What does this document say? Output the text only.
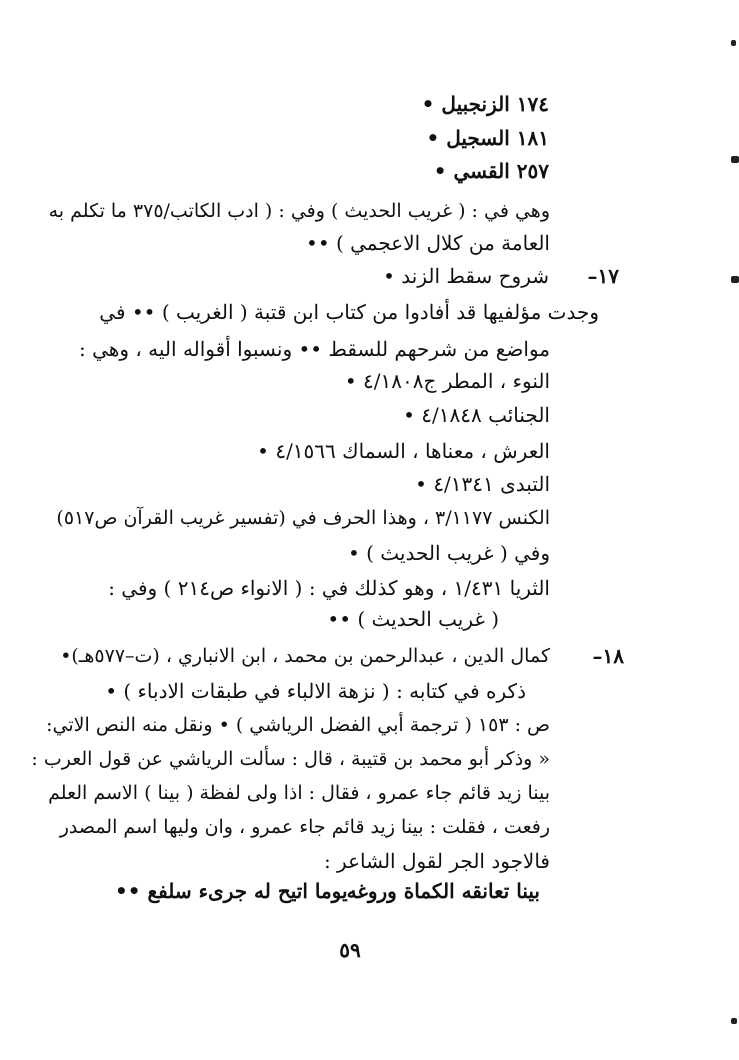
١٧٤ الزنجبيل •
١٨١ السجيل •
٢٥٧ القسي •
وهي في : ( غريب الحديث ) وفي : ( ادب الكاتب/٣٧٥ ما تكلم به
العامة من كلال الاعجمي ) ••
١٧–
شروح سقط الزند •
وجدت مؤلفيها قد أفادوا من كتاب ابن قتبة ( الغريب ) •• في
مواضع من شرحهم للسقط •• ونسبوا أقواله اليه ، وهي :
النوء ، المطر ج٤/١٨٠٨ •
الجنائب ٤/١٨٤٨ •
العرش ، معناها ، السماك ٤/١٥٦٦ •
التبدى ٤/١٣٤١ •
الكنس ٣/١١٧٧ ، وهذا الحرف في (تفسير غريب القرآن ص٥١٧)
وفي ( غريب الحديث ) •
الثريا ١/٤٣١ ، وهو كذلك في : ( الانواء ص٢١٤ ) وفي :
( غريب الحديث ) ••
١٨–
كمال الدين ، عبدالرحمن بن محمد ، ابن الانباري ، (ت–٥٧٧هـ)•
ذكره في كتابه : ( نزهة الالباء في طبقات الادباء ) •
ص : ١٥٣ ( ترجمة أبي الفضل الرياشي ) • ونقل منه النص الاتي:
« وذكر أبو محمد بن قتيبة ، قال : سألت الرياشي عن قول العرب :
بينا زيد قائم جاء عمرو ، فقال : اذا ولى لفظة ( بينا ) الاسم العلم
رفعت ، فقلت : بينا زيد قائم جاء عمرو ، وان وليها اسم المصدر
فالاجود الجر لقول الشاعر :
بينا تعانقه الكماة وروغه
يوما اتيح له جرىء سلفع ••
٥٩
